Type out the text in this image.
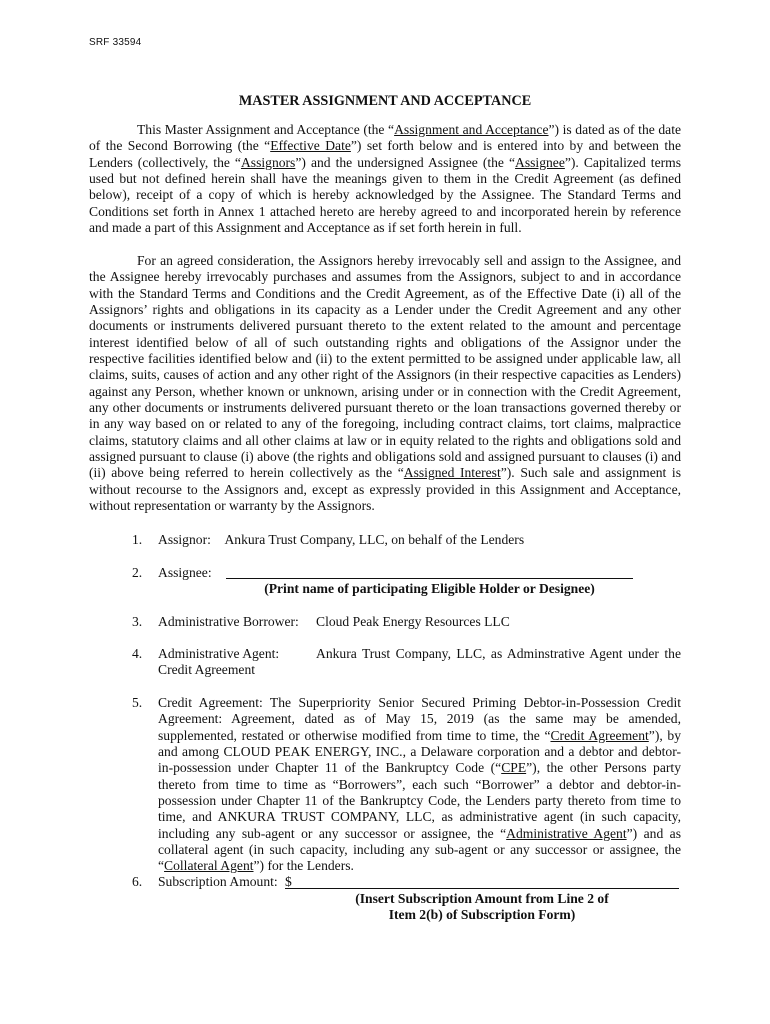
SRF 33594
MASTER ASSIGNMENT AND ACCEPTANCE

This Master Assignment and Acceptance (the “Assignment and Acceptance”) is dated as of the date of the Second Borrowing (the “Effective Date”) set forth below and is entered into by and between the Lenders (collectively, the “Assignors”) and the undersigned Assignee (the “Assignee”). Capitalized terms used but not defined herein shall have the meanings given to them in the Credit Agreement (as defined below), receipt of a copy of which is hereby acknowledged by the Assignee. The Standard Terms and Conditions set forth in Annex 1 attached hereto are hereby agreed to and incorporated herein by reference and made a part of this Assignment and Acceptance as if set forth herein in full.

For an agreed consideration, the Assignors hereby irrevocably sell and assign to the Assignee, and the Assignee hereby irrevocably purchases and assumes from the Assignors, subject to and in accordance with the Standard Terms and Conditions and the Credit Agreement, as of the Effective Date (i) all of the Assignors’ rights and obligations in its capacity as a Lender under the Credit Agreement and any other documents or instruments delivered pursuant thereto to the extent related to the amount and percentage interest identified below of all of such outstanding rights and obligations of the Assignor under the respective facilities identified below and (ii) to the extent permitted to be assigned under applicable law, all claims, suits, causes of action and any other right of the Assignors (in their respective capacities as Lenders) against any Person, whether known or unknown, arising under or in connection with the Credit Agreement, any other documents or instruments delivered pursuant thereto or the loan transactions governed thereby or in any way based on or related to any of the foregoing, including contract claims, tort claims, malpractice claims, statutory claims and all other claims at law or in equity related to the rights and obligations sold and assigned pursuant to clause (i) above (the rights and obligations sold and assigned pursuant to clauses (i) and (ii) above being referred to herein collectively as the “Assigned Interest”). Such sale and assignment is without recourse to the Assignors and, except as expressly provided in this Assignment and Acceptance, without representation or warranty by the Assignors.

1. Assignor: Ankura Trust Company, LLC, on behalf of the Lenders
2. Assignee:
(Print name of participating Eligible Holder or Designee)
3. Administrative Borrower: Cloud Peak Energy Resources LLC
4. Administrative Agent:	Ankura Trust Company, LLC, as Adminstrative Agent under the
Credit Agreement
5. Credit Agreement: The Superpriority Senior Secured Priming Debtor-in-Possession Credit Agreement: Agreement, dated as of May 15, 2019 (as the same may be amended, supplemented, restated or otherwise modified from time to time, the “Credit Agreement”), by and among CLOUD PEAK ENERGY, INC., a Delaware corporation and a debtor and debtor-in-possession under Chapter 11 of the Bankruptcy Code (“CPE”), the other Persons party thereto from time to time as “Borrowers”, each such “Borrower” a debtor and debtor-in-possession under Chapter 11 of the Bankruptcy Code, the Lenders party thereto from time to time, and ANKURA TRUST COMPANY, LLC, as administrative agent (in such capacity, including any sub-agent or any successor or assignee, the “Administrative Agent”) and as collateral agent (in such capacity, including any sub-agent or any successor or assignee, the “Collateral Agent”) for the Lenders.

6. Subscription Amount: $
(Insert Subscription Amount from Line 2 of
Item 2(b) of Subscription Form)
